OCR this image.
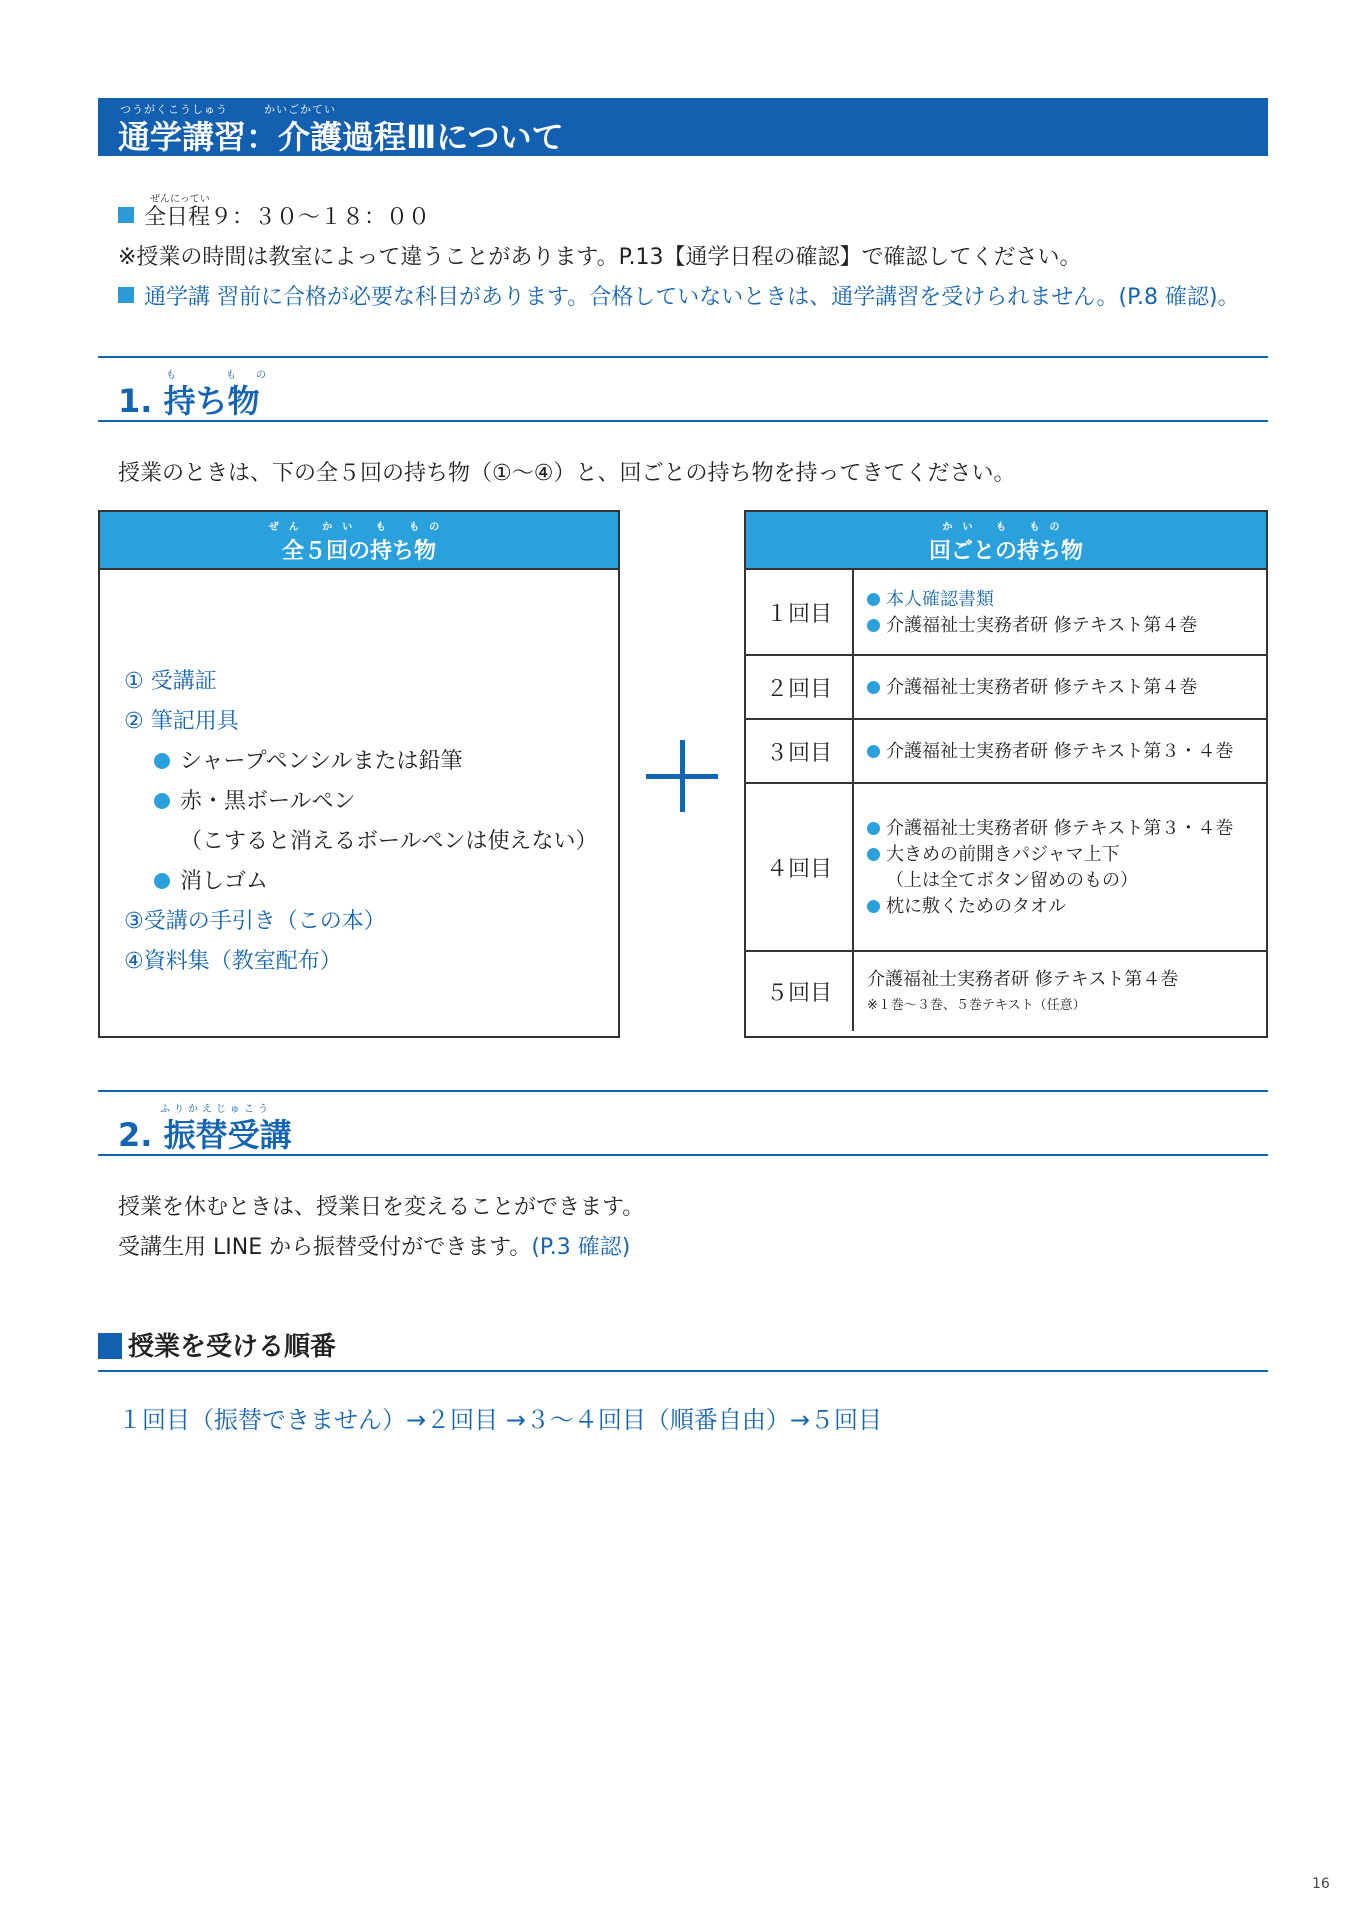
つうがくこうしゅう　　　かいごかてい
通学講習：介護過程Ⅲについて
ぜんにってい
全日程９：３０～１８：００
※授業の時間は教室によって違うことがあります。P.13【通学日程の確認】で確認してください。
通学講 習前に合格が必要な科目があります。合格していないときは、通学講習を受けられません。(P.8 確認)。
も　もの
1. 持ち物
授業のときは、下の全５回の持ち物（①～④）と、回ごとの持ち物を持ってきてください。
ぜん かい も もの
全５回の持ち物
① 受講証
② 筆記用具
シャープペンシルまたは鉛筆
赤・黒ボールペン
（こすると消えるボールペンは使えない）
消しゴム
③受講の手引き（この本）
④資料集（教室配布）
かい も もの
回ごとの持ち物
１回目	本人確認書類
介護福祉士実務者研 修テキスト第４巻

２回目	介護福祉士実務者研 修テキスト第４巻

３回目	介護福祉士実務者研 修テキスト第３・４巻

４回目	介護福祉士実務者研 修テキスト第３・４巻
大きめの前開きパジャマ上下
（上は全てボタン留めのもの）
枕に敷くためのタオル

５回目	介護福祉士実務者研 修テキスト第４巻
※１巻～３巻、５巻テキスト（任意）
ふりかえじゅこう
2. 振替受講
授業を休むときは、授業日を変えることができます。
受講生用 LINE から振替受付ができます。(P.3 確認)
授業を受ける順番
１回目（振替できません）→２回目 →３～４回目（順番自由）→５回目
16
